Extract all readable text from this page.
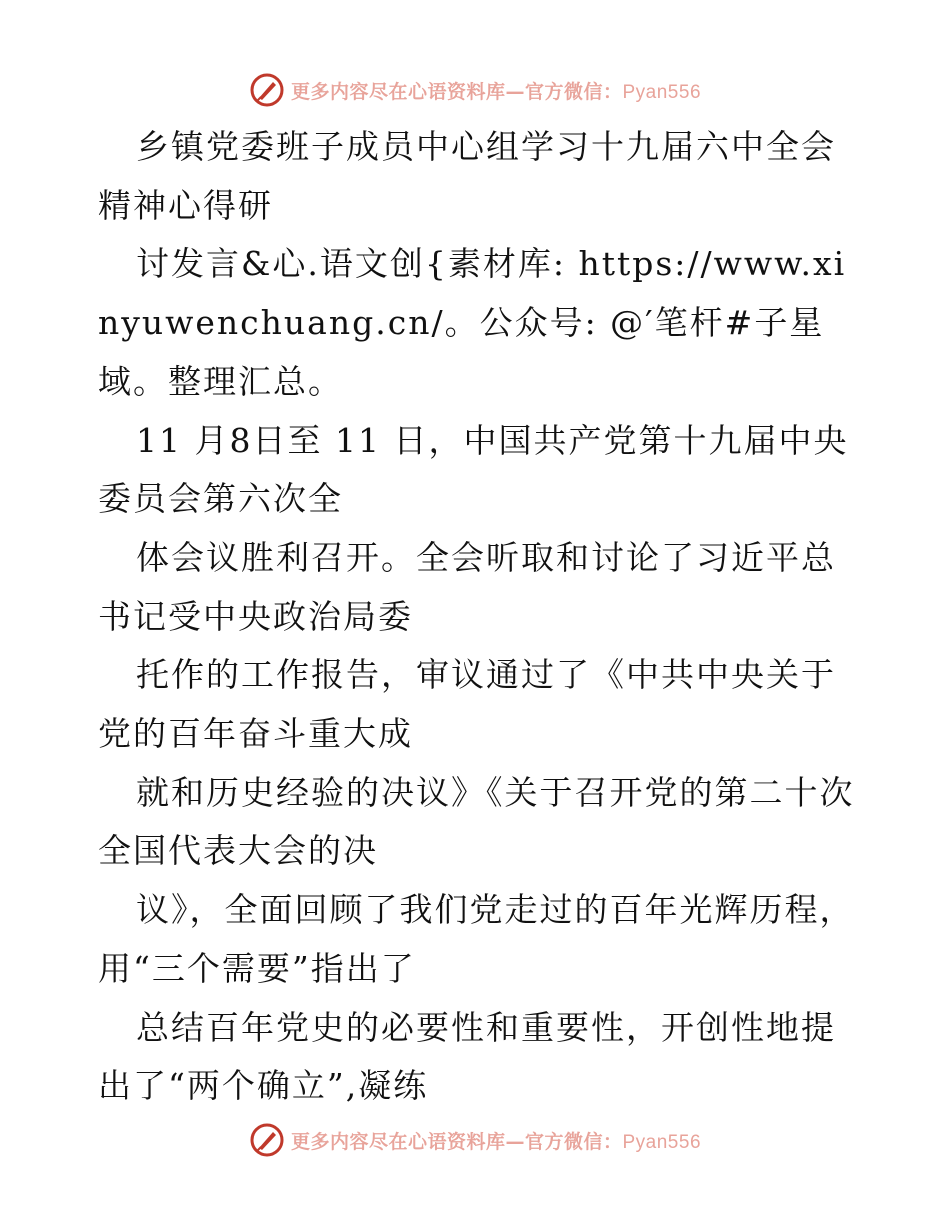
更多内容尽在心语资料库—官方微信：Pyan556

乡镇党委班子成员中心组学习十九届六中全会精神心得研

讨发言&心.语文创{素材库: https://www.xinyuwenchuang.cn/。公众号: @′笔杆#子星域。整理汇总。

11 月8日至 11 日，中国共产党第十九届中央委员会第六次全

体会议胜利召开。全会听取和讨论了习近平总书记受中央政治局委

托作的工作报告，审议通过了《中共中央关于党的百年奋斗重大成

就和历史经验的决议》《关于召开党的第二十次全国代表大会的决

议》，全面回顾了我们党走过的百年光辉历程，用“三个需要”指出了

总结百年党史的必要性和重要性，开创性地提出了“两个确立”,凝练

更多内容尽在心语资料库—官方微信：Pyan556
